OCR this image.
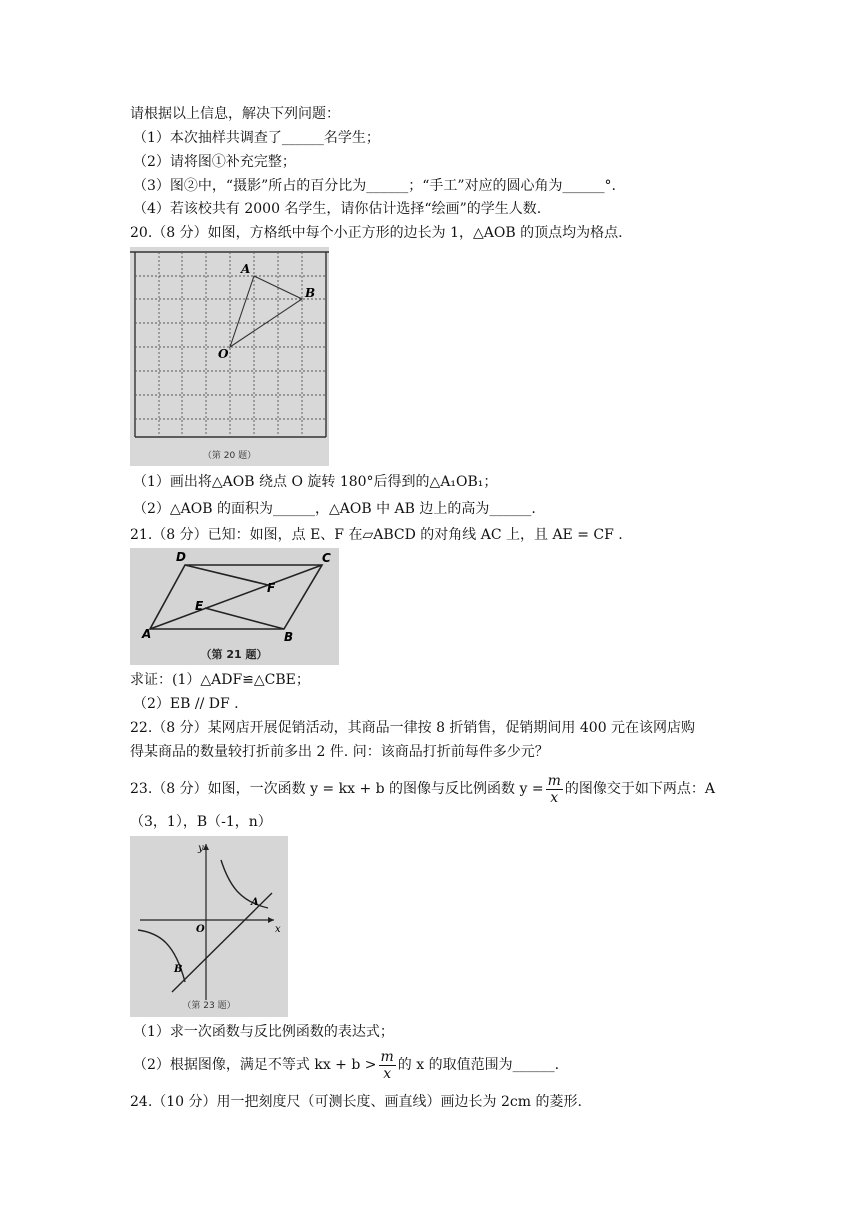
请根据以上信息，解决下列问题：
（1）本次抽样共调查了______名学生；
（2）请将图①补充完整；
（3）图②中，“摄影”所占的百分比为______；“手工”对应的圆心角为______°.
（4）若该校共有 2000 名学生，请你估计选择“绘画”的学生人数.
20.（8 分）如图，方格纸中每个小正方形的边长为 1，△AOB 的顶点均为格点.
A
B
O
（第 20 题）
（1）画出将△AOB 绕点 O 旋转 180°后得到的△A₁OB₁；
（2）△AOB 的面积为______，△AOB 中 AB 边上的高为______.
21.（8 分）已知：如图，点 E、F 在▱ABCD 的对角线 AC 上，且 AE = CF .
D	C
F
E
A	B
（第 21 题）
求证：(1）△ADF≌△CBE；
（2）EB // DF .
22.（8 分）某网店开展促销活动，其商品一律按 8 折销售，促销期间用 400 元在该网店购
得某商品的数量较打折前多出 2 件. 问：该商品打折前每件多少元？
23.（8 分）如图，一次函数 y = kx + b 的图像与反比例函数 $y = \frac{m}{x}$ 的图像交于如下两点：A
（3，1），B（-1，n）
y
x
O
A
B
（第 23 题）
（1）求一次函数与反比例函数的表达式；
（2）根据图像，满足不等式 kx + $b > \frac{m}{x}$ 的 x 的取值范围为______.
24.（10 分）用一把刻度尺（可测长度、画直线）画边长为 2cm 的菱形.
